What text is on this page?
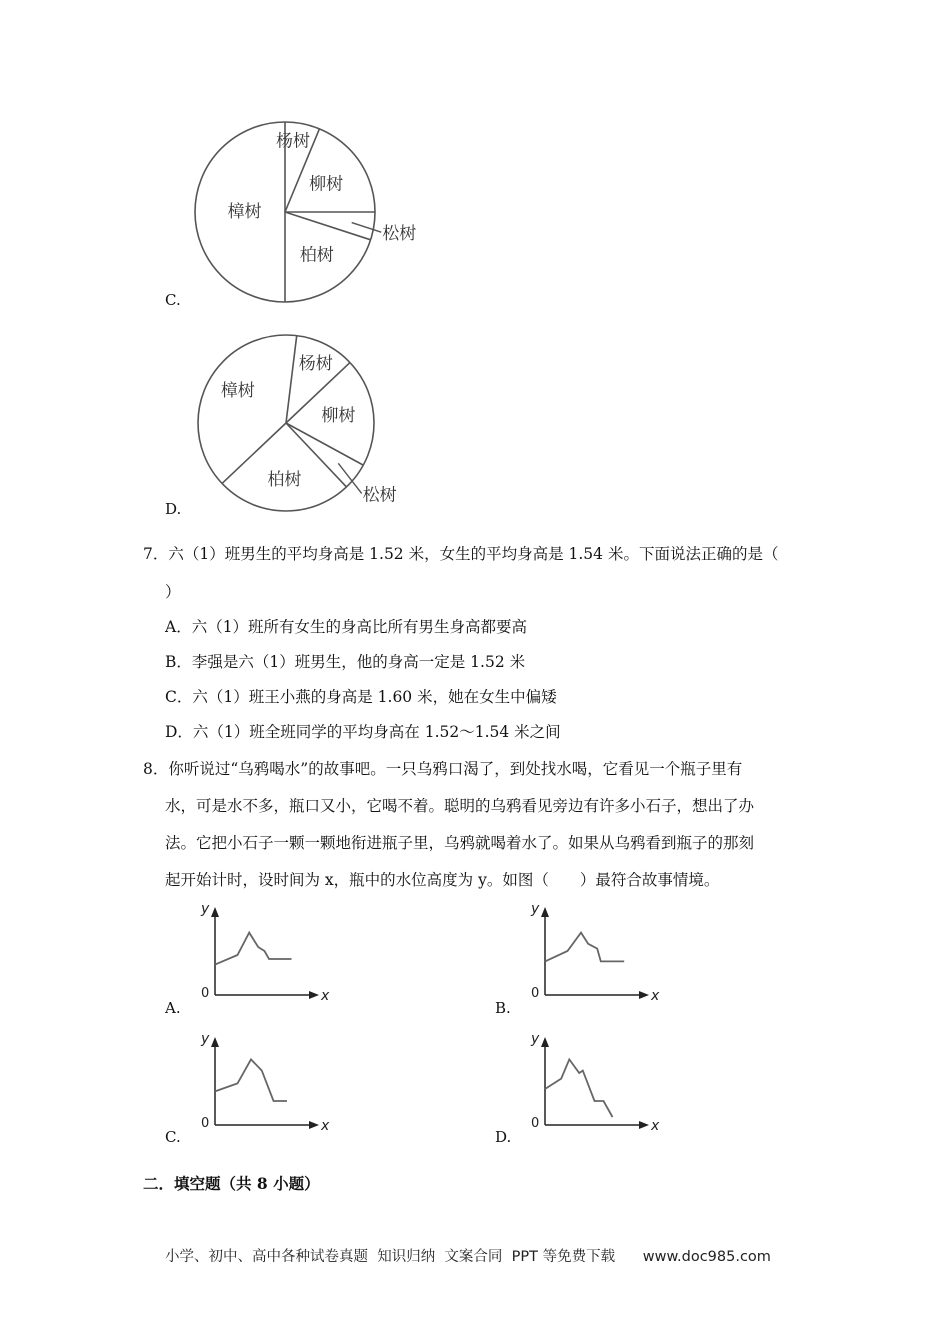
C.
杨树
柳树
松树
柏树
樟树
D.
杨树
柳树
松树
柏树
樟树
7．六（1）班男生的平均身高是 1.52 米，女生的平均身高是 1.54 米。下面说法正确的是（
）
A．六（1）班所有女生的身高比所有男生身高都要高
B．李强是六（1）班男生，他的身高一定是 1.52 米
C．六（1）班王小燕的身高是 1.60 米，她在女生中偏矮
D．六（1）班全班同学的平均身高在 1.52～1.54 米之间
8．你听说过“乌鸦喝水”的故事吧。一只乌鸦口渴了，到处找水喝，它看见一个瓶子里有
水，可是水不多，瓶口又小，它喝不着。聪明的乌鸦看见旁边有许多小石子，想出了办
法。它把小石子一颗一颗地衔进瓶子里，乌鸦就喝着水了。如果从乌鸦看到瓶子的那刻
起开始计时，设时间为 x，瓶中的水位高度为 y。如图（　　）最符合故事情境。
A.
y
x
0
B.
y
x
0
C.
y
x
0
D.
y
x
0
二．填空题（共 8 小题）
小学、初中、高中各种试卷真题  知识归纳  文案合同  PPT 等免费下载      www.doc985.com
